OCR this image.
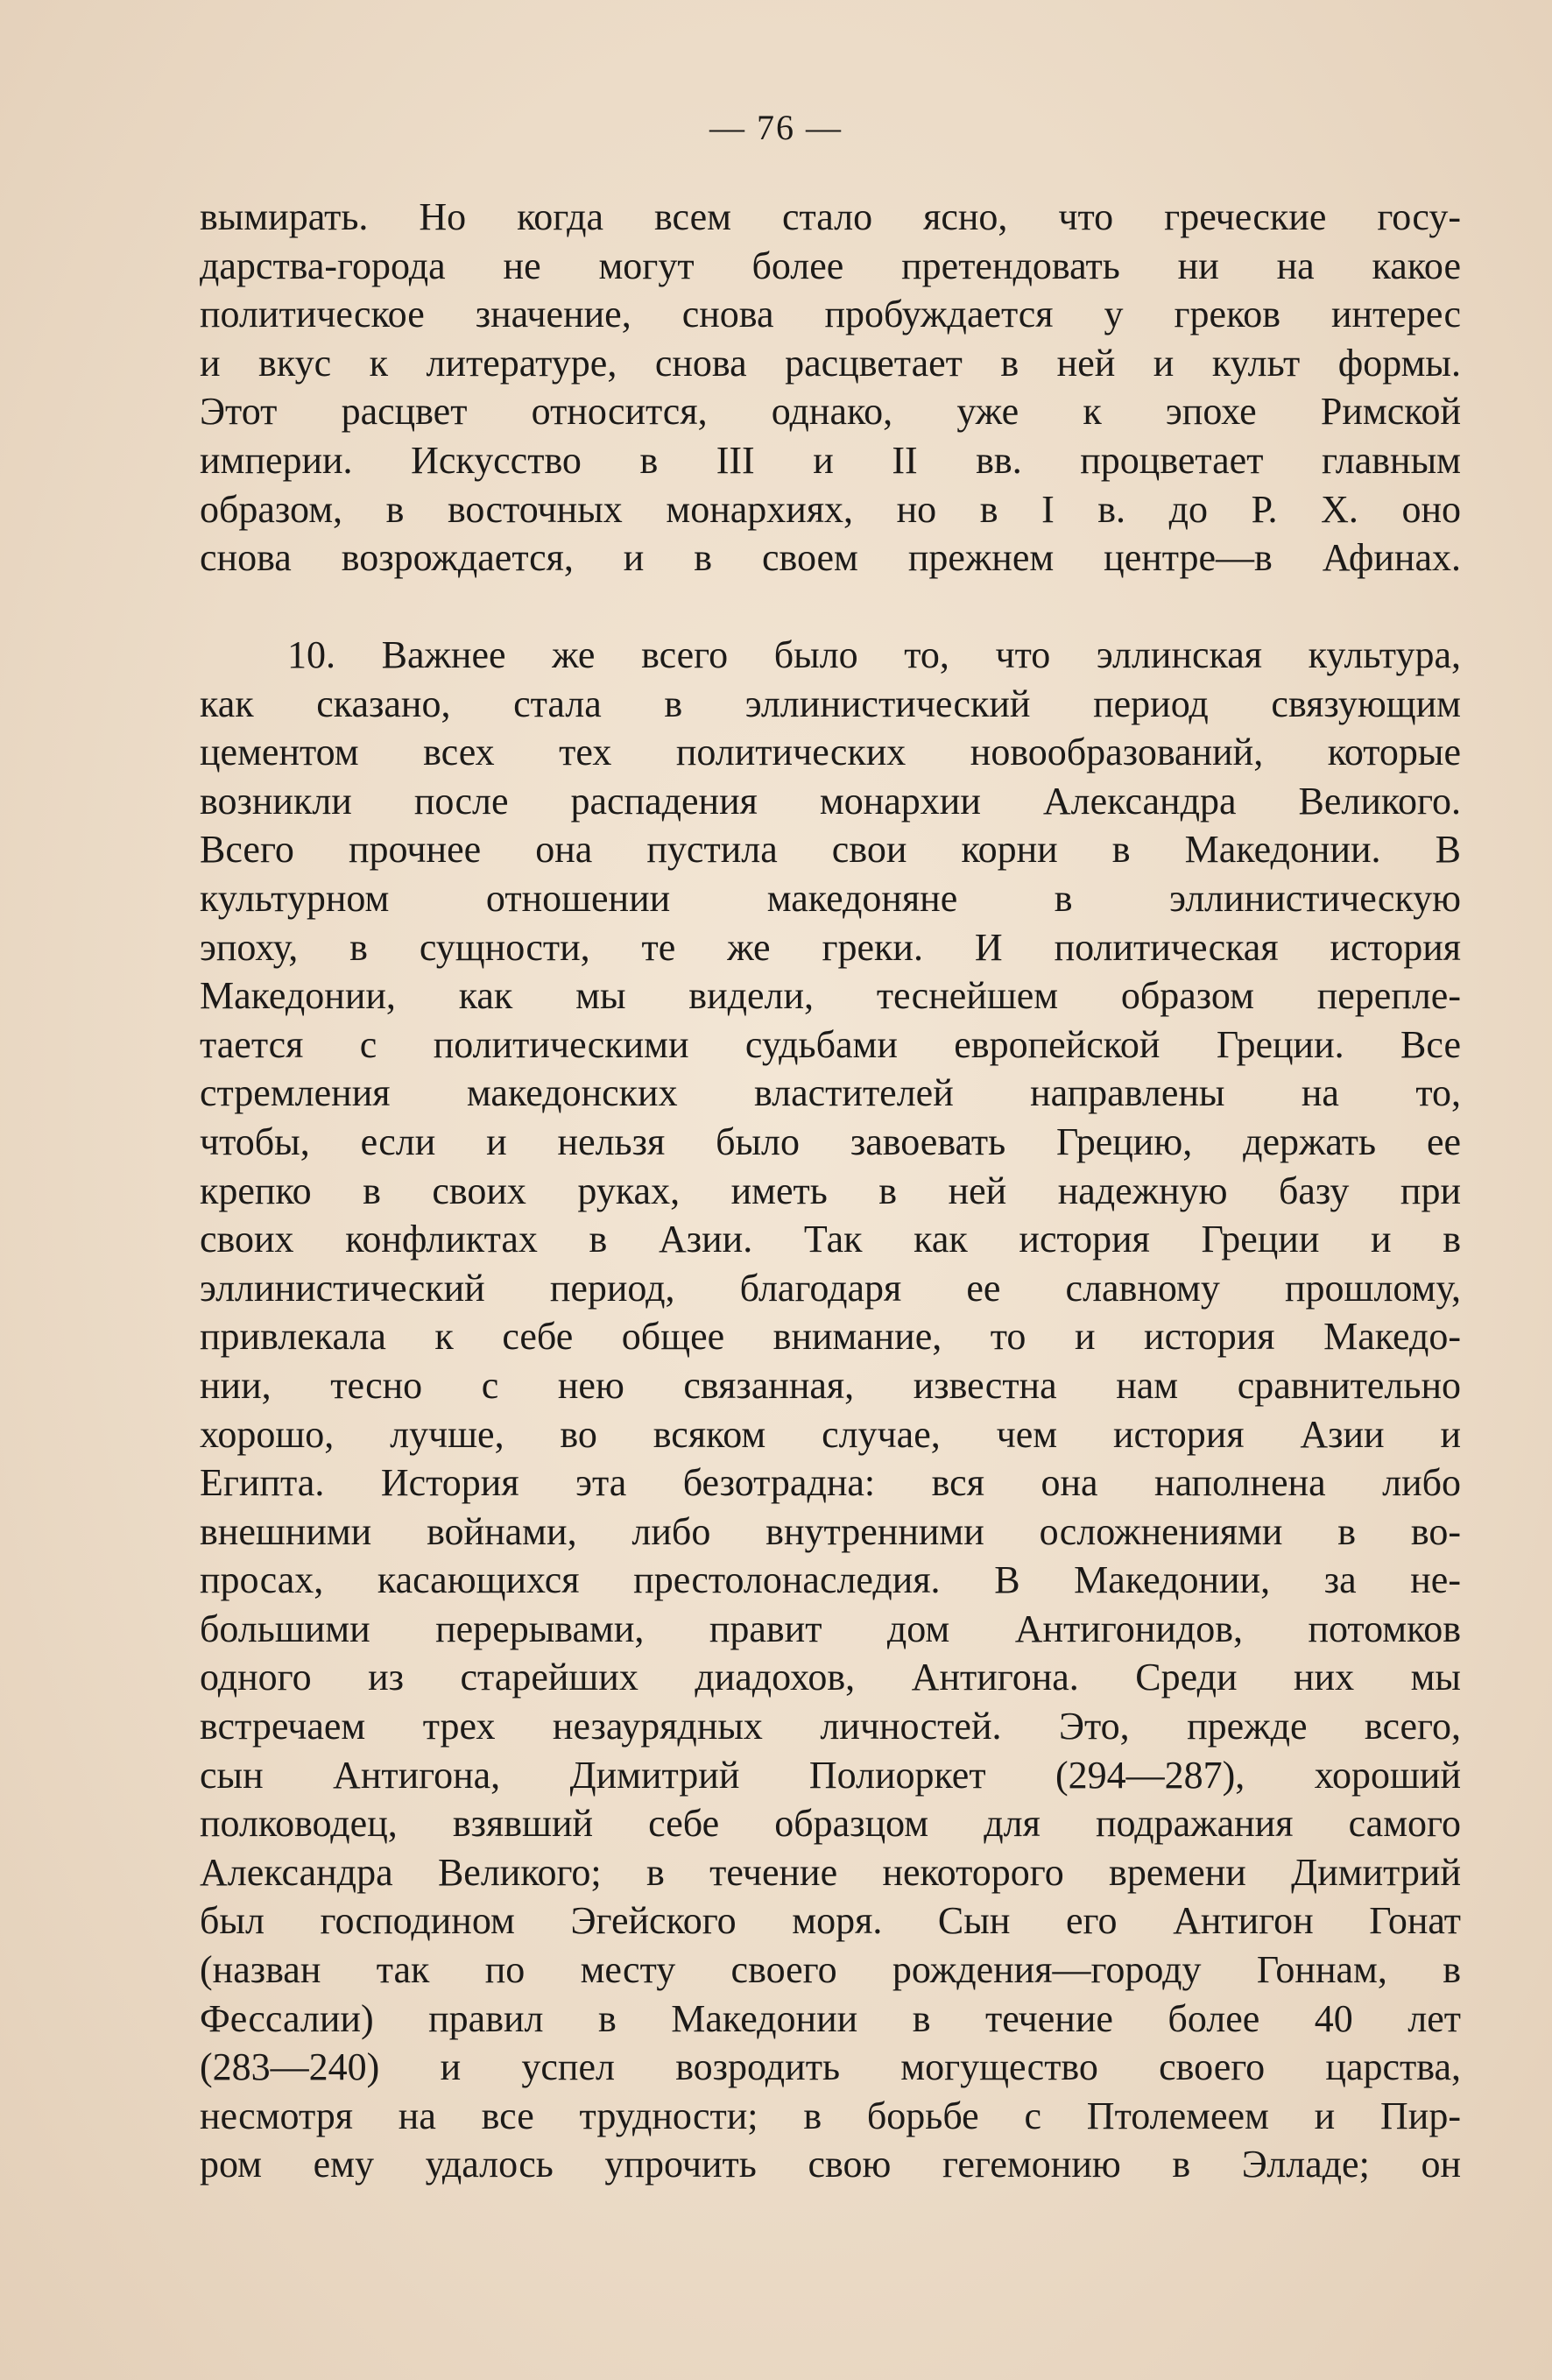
— 76 —
вымирать. Но когда всем стало ясно, что греческие госу-
дарства-города не могут более претендовать ни на какое
политическое значение, снова пробуждается у греков интерес
и вкус к литературе, снова расцветает в ней и культ формы.
Этот расцвет относится, однако, уже к эпохе Римской
империи. Искусство в III и II вв. процветает главным
образом, в восточных монархиях, но в I в. до Р. Х. оно
снова возрождается, и в своем прежнем центре—в Афинах.
10. Важнее же всего было то, что эллинская культура,
как сказано, стала в эллинистический период связующим
цементом всех тех политических новообразований, которые
возникли после распадения монархии Александра Великого.
Всего прочнее она пустила свои корни в Македонии. В
культурном отношении македоняне в эллинистическую
эпоху, в сущности, те же греки. И политическая история
Македонии, как мы видели, теснейшем образом перепле-
тается с политическими судьбами европейской Греции. Все
стремления македонских властителей направлены на то,
чтобы, если и нельзя было завоевать Грецию, держать ее
крепко в своих руках, иметь в ней надежную базу при
своих конфликтах в Азии. Так как история Греции и в
эллинистический период, благодаря ее славному прошлому,
привлекала к себе общее внимание, то и история Македо-
нии, тесно с нею связанная, известна нам сравнительно
хорошо, лучше, во всяком случае, чем история Азии и
Египта. История эта безотрадна: вся она наполнена либо
внешними войнами, либо внутренними осложнениями в во-
просах, касающихся престолонаследия. В Македонии, за не-
большими перерывами, правит дом Антигонидов, потомков
одного из старейших диадохов, Антигона. Среди них мы
встречаем трех незаурядных личностей. Это, прежде всего,
сын Антигона, Димитрий Полиоркет (294—287), хороший
полководец, взявший себе образцом для подражания самого
Александра Великого; в течение некоторого времени Димитрий
был господином Эгейского моря. Сын его Антигон Гонат
(назван так по месту своего рождения—городу Гоннам, в
Фессалии) правил в Македонии в течение более 40 лет
(283—240) и успел возродить могущество своего царства,
несмотря на все трудности; в борьбе с Птолемеем и Пир-
ром ему удалось упрочить свою гегемонию в Элладе; он
